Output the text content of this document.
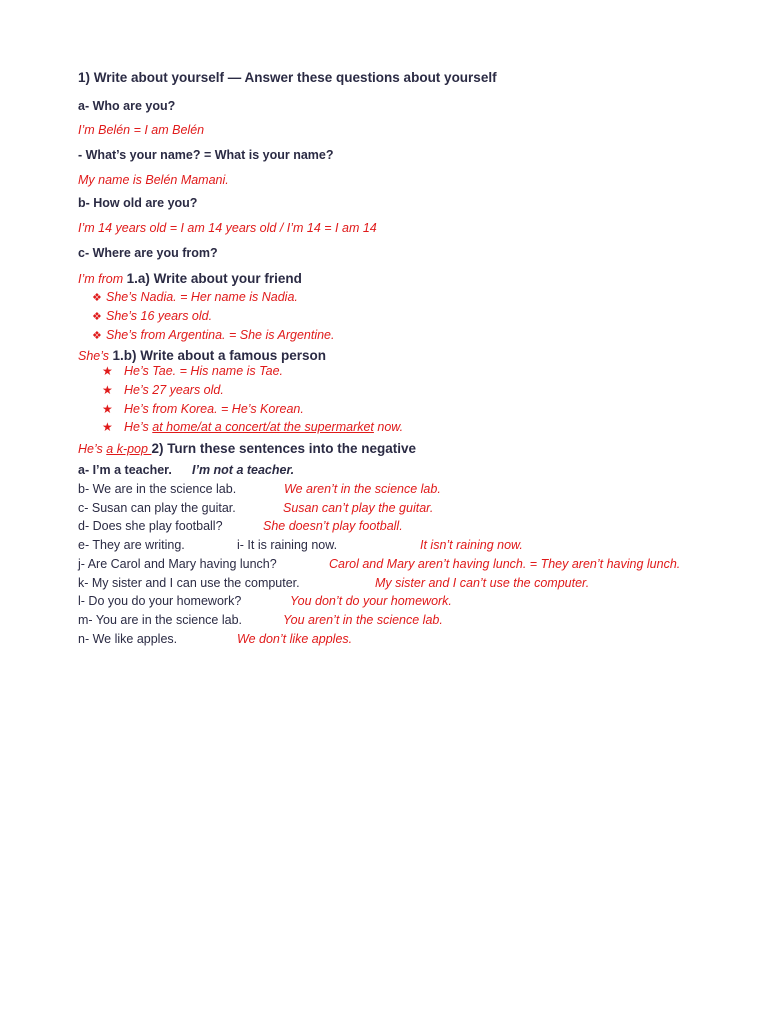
1) Write about yourself — Answer these questions about yourself
a- Who are you?
I’m Belén = I am Belén
- What’s your name? = What is your name?
My name is Belén Mamani.
b- How old are you?
I’m 14 years old = I am 14 years old / I’m 14 = I am 14
c- Where are you from?
I’m from 1.a) Write about your friend
❖ She’s Nadia. = Her name is Nadia.
❖ She’s 16 years old.
❖ She’s from Argentina. = She is Argentine.
She’s 1.b) Write about a famous person
★ He’s Tae. = His name is Tae.
★ He’s 27 years old.
★ He’s from Korea. = He’s Korean.
★ He’s at home/at a concert/at the supermarket now.
He’s a k-pop 2) Turn these sentences into the negative
a- I’m a teacher. I’m not a teacher.
b- We are in the science lab.	We aren’t in the science lab.
c- Susan can play the guitar.	Susan can’t play the guitar.
d- Does she play football?	She doesn’t play football.
e- They are writing.	i- It is raining now.	It isn’t raining now.
j- Are Carol and Mary having lunch?	Carol and Mary aren’t having lunch. = They aren’t having lunch.
k- My sister and I can use the computer.	My sister and I can’t use the computer.
l- Do you do your homework?	You don’t do your homework.
m- You are in the science lab.	You aren’t in the science lab.
n- We like apples.	We don’t like apples.
